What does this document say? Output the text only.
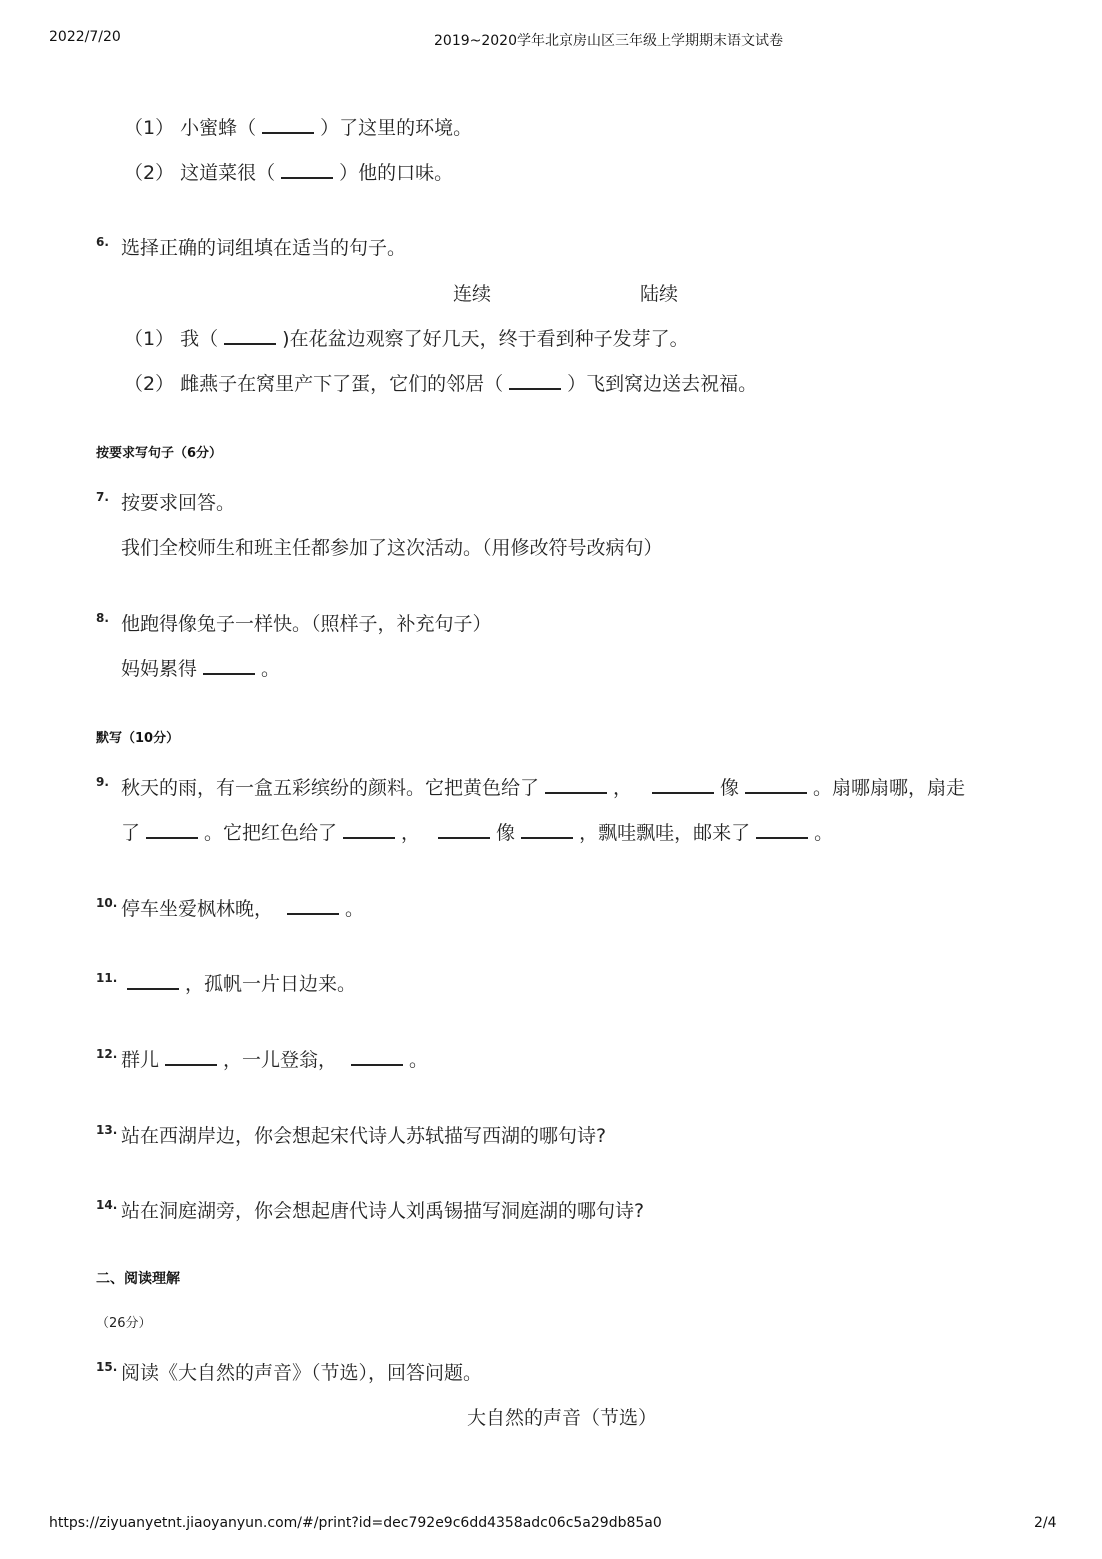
2022/7/20	2019~2020学年北京房山区三年级上学期期末语文试卷
（1） 小蜜蜂（	）了这里的环境。
（2） 这道菜很（	）他的口味。
6. 选择正确的词组填在适当的句子。
连续	陆续
（1） 我（	)在花盆边观察了好几天，终于看到种子发芽了。
（2） 雌燕子在窝里产下了蛋，它们的邻居（	）飞到窝边送去祝福。
按要求写句子（6分）
7. 按要求回答。
我们全校师生和班主任都参加了这次活动。（用修改符号改病句）
8. 他跑得像兔子一样快。（照样子，补充句子）
妈妈累得	。
默写（10分）
9. 秋天的雨，有一盒五彩缤纷的颜料。它把黄色给了	，	像	。扇哪扇哪，扇走
了	。它把红色给了	，	像	，飘哇飘哇，邮来了	。
10. 停车坐爱枫林晚，	。
11.	，孤帆一片日边来。
12. 群儿	，一儿登翁，	。
13. 站在西湖岸边，你会想起宋代诗人苏轼描写西湖的哪句诗?
14. 站在洞庭湖旁，你会想起唐代诗人刘禹锡描写洞庭湖的哪句诗?
二、阅读理解
（26分）
15. 阅读《大自然的声音》（节选），回答问题。
大自然的声音（节选）
https://ziyuanyetnt.jiaoyanyun.com/#/print?id=dec792e9c6dd4358adc06c5a29db85a0	2/4
